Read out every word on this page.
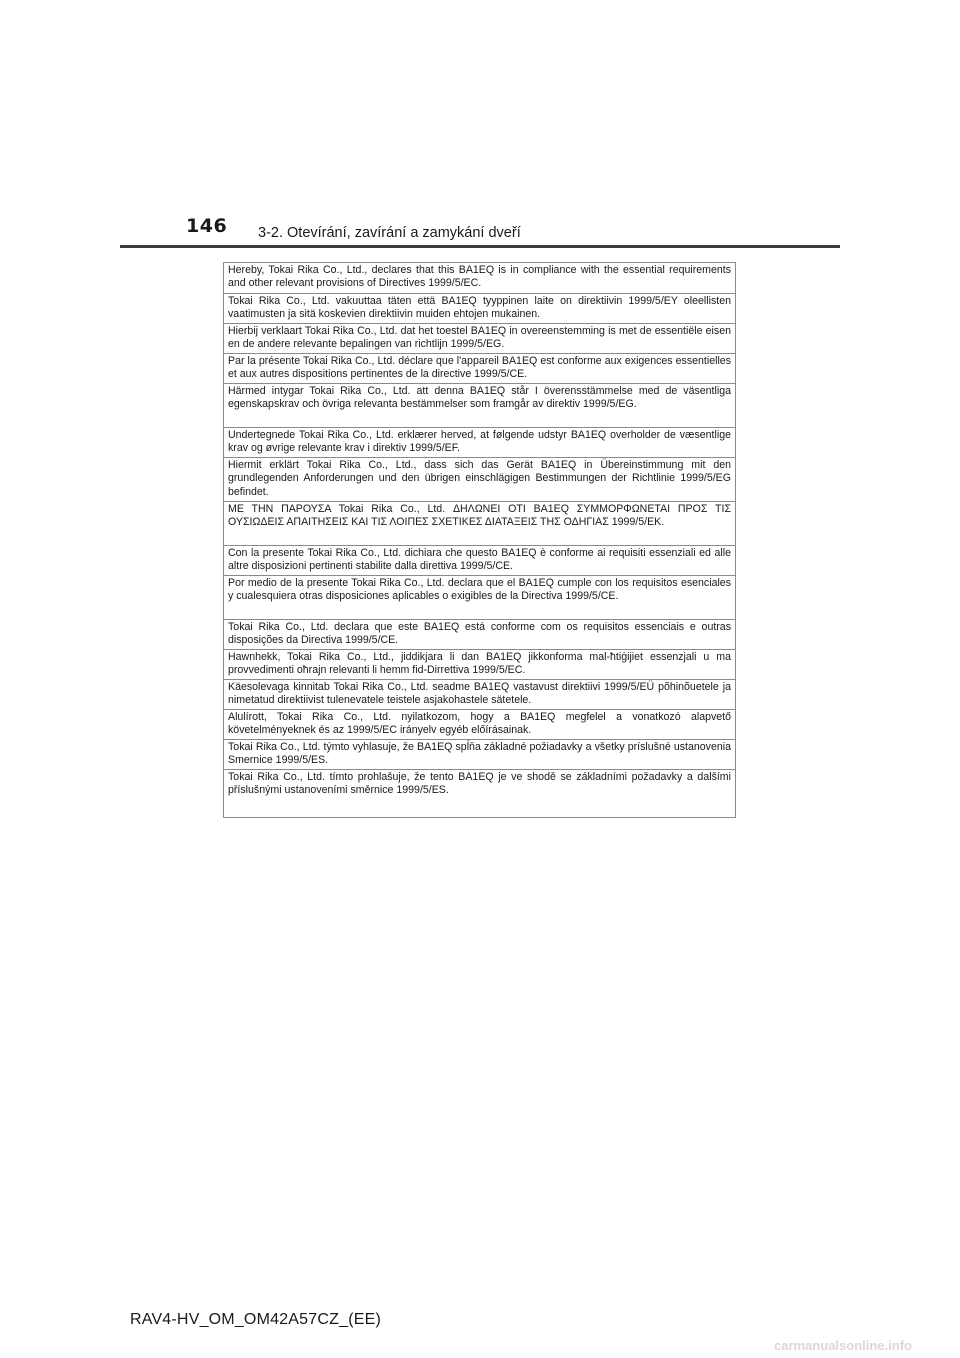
146 3-2. Otevírání, zavírání a zamykání dveří
Hereby, Tokai Rika Co., Ltd., declares that this BA1EQ is in compliance with the essential requirements and other relevant provisions of Directives 1999/5/EC.
Tokai Rika Co., Ltd. vakuuttaa täten että BA1EQ tyyppinen laite on direktiivin 1999/5/EY oleellisten vaatimusten ja sitä koskevien direktiivin muiden ehtojen mukainen.
Hierbij verklaart Tokai Rika Co., Ltd. dat het toestel BA1EQ in overeenstemming is met de essentiële eisen en de andere relevante bepalingen van richtlijn 1999/5/EG.
Par la présente Tokai Rika Co., Ltd. déclare que l'appareil BA1EQ est conforme aux exigences essentielles et aux autres dispositions pertinentes de la directive 1999/5/CE.
Härmed intygar Tokai Rika Co., Ltd. att denna BA1EQ står I överensstämmelse med de väsentliga egenskapskrav och övriga relevanta bestämmelser som framgår av direktiv 1999/5/EG.
Undertegnede Tokai Rika Co., Ltd. erklærer herved, at følgende udstyr BA1EQ overholder de væsentlige krav og øvrige relevante krav i direktiv 1999/5/EF.
Hiermit erklärt Tokai Rika Co., Ltd., dass sich das Gerät BA1EQ in Übereinstimmung mit den grundlegenden Anforderungen und den übrigen einschlägigen Bestimmungen der Richtlinie 1999/5/EG befindet.
ΜΕ ΤΗΝ ΠΑΡΟΥΣΑ Tokai Rika Co., Ltd. ΔΗΛΩΝΕΙ ΟΤΙ BA1EQ ΣΥΜΜΟΡΦΩΝΕΤΑΙ ΠΡΟΣ ΤΙΣ ΟΥΣΙΩΔΕΙΣ ΑΠΑΙΤΗΣΕΙΣ ΚΑΙ ΤΙΣ ΛΟΙΠΕΣ ΣΧΕΤΙΚΕΣ ΔΙΑΤΑΞΕΙΣ ΤΗΣ ΟΔΗΓΙΑΣ 1999/5/ΕΚ.
Con la presente Tokai Rika Co., Ltd. dichiara che questo BA1EQ è conforme ai requisiti essenziali ed alle altre disposizioni pertinenti stabilite dalla direttiva 1999/5/CE.
Por medio de la presente Tokai Rika Co., Ltd. declara que el BA1EQ cumple con los requisitos esenciales y cualesquiera otras disposiciones aplicables o exigibles de la Directiva 1999/5/CE.
Tokai Rika Co., Ltd. declara que este BA1EQ está conforme com os requisitos essenciais e outras disposições da Directiva 1999/5/CE.
Hawnhekk, Tokai Rika Co., Ltd., jiddikjara li dan BA1EQ jikkonforma mal-ħtiġijiet essenzjali u ma provvedimenti oħrajn relevanti li hemm fid-Dirrettiva 1999/5/EC.
Käesolevaga kinnitab Tokai Rika Co., Ltd. seadme BA1EQ vastavust direktiivi 1999/5/EÜ põhinõuetele ja nimetatud direktiivist tulenevatele teistele asjakohastele sätetele.
Alulírott, Tokai Rika Co., Ltd. nyilatkozom, hogy a BA1EQ megfelel a vonatkozó alapvető követelményeknek és az 1999/5/EC irányelv egyéb előírásainak.
Tokai Rika Co., Ltd. týmto vyhlasuje, že BA1EQ spĺňa základné požiadavky a všetky príslušné ustanovenia Smernice 1999/5/ES.
Tokai Rika Co., Ltd. tímto prohlašuje, že tento BA1EQ je ve shodě se základními požadavky a dalšími příslušnými ustanoveními směrnice 1999/5/ES.
RAV4-HV_OM_OM42A57CZ_(EE)
carmanualsonline.info
